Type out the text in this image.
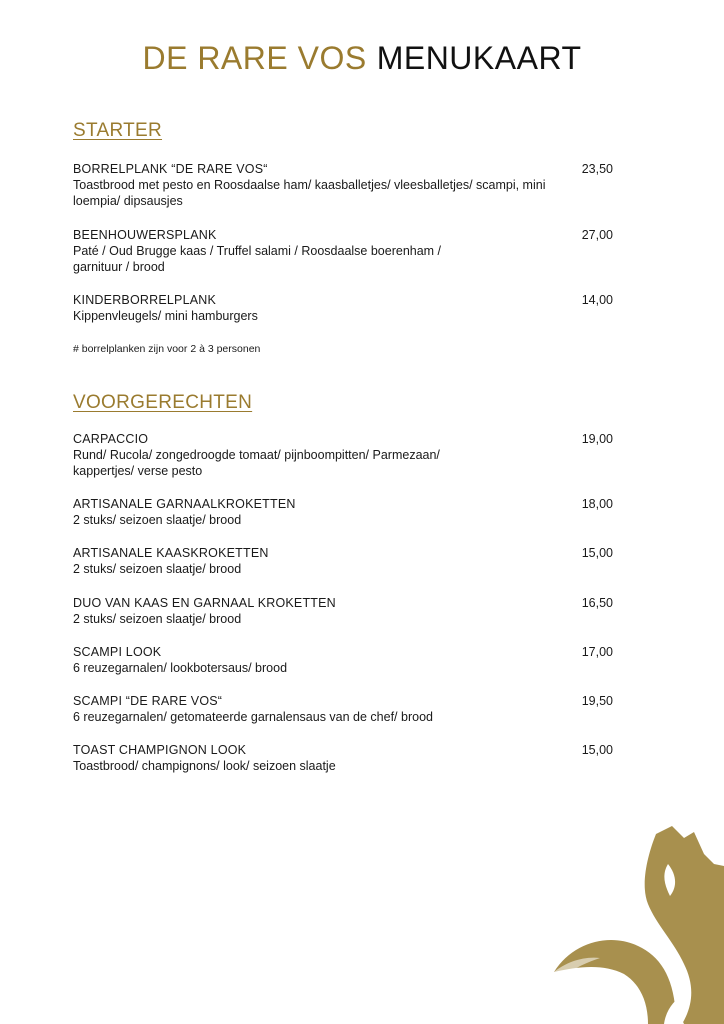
DE RARE VOS MENUKAART
STARTER
BORRELPLANK “DE RARE VOS“	23,50
Toastbrood met pesto en Roosdaalse ham/ kaasballetjes/ vleesballetjes/ scampi, mini loempia/ dipsausjes
BEENHOUWERSPLANK	27,00
Paté / Oud Brugge kaas / Truffel salami / Roosdaalse boerenham / garnituur / brood
KINDERBORRELPLANK	14,00
Kippenvleugels/ mini hamburgers
# borrelplanken zijn voor 2 à 3 personen
VOORGERECHTEN
CARPACCIO	19,00
Rund/ Rucola/ zongedroogde tomaat/ pijnboompitten/ Parmezaan/ kappertjes/ verse pesto
ARTISANALE GARNAALKROKETTEN	18,00
2 stuks/ seizoen slaatje/ brood
ARTISANALE KAASKROKETTEN	15,00
2 stuks/ seizoen slaatje/ brood
DUO VAN KAAS EN GARNAAL KROKETTEN	16,50
2 stuks/ seizoen slaatje/ brood
SCAMPI LOOK	17,00
6 reuzegarnalen/ lookbotersaus/ brood
SCAMPI “DE RARE VOS“	19,50
6 reuzegarnalen/ getomateerde garnalensaus van de chef/ brood
TOAST CHAMPIGNON LOOK	15,00
Toastbrood/ champignons/ look/ seizoen slaatje
